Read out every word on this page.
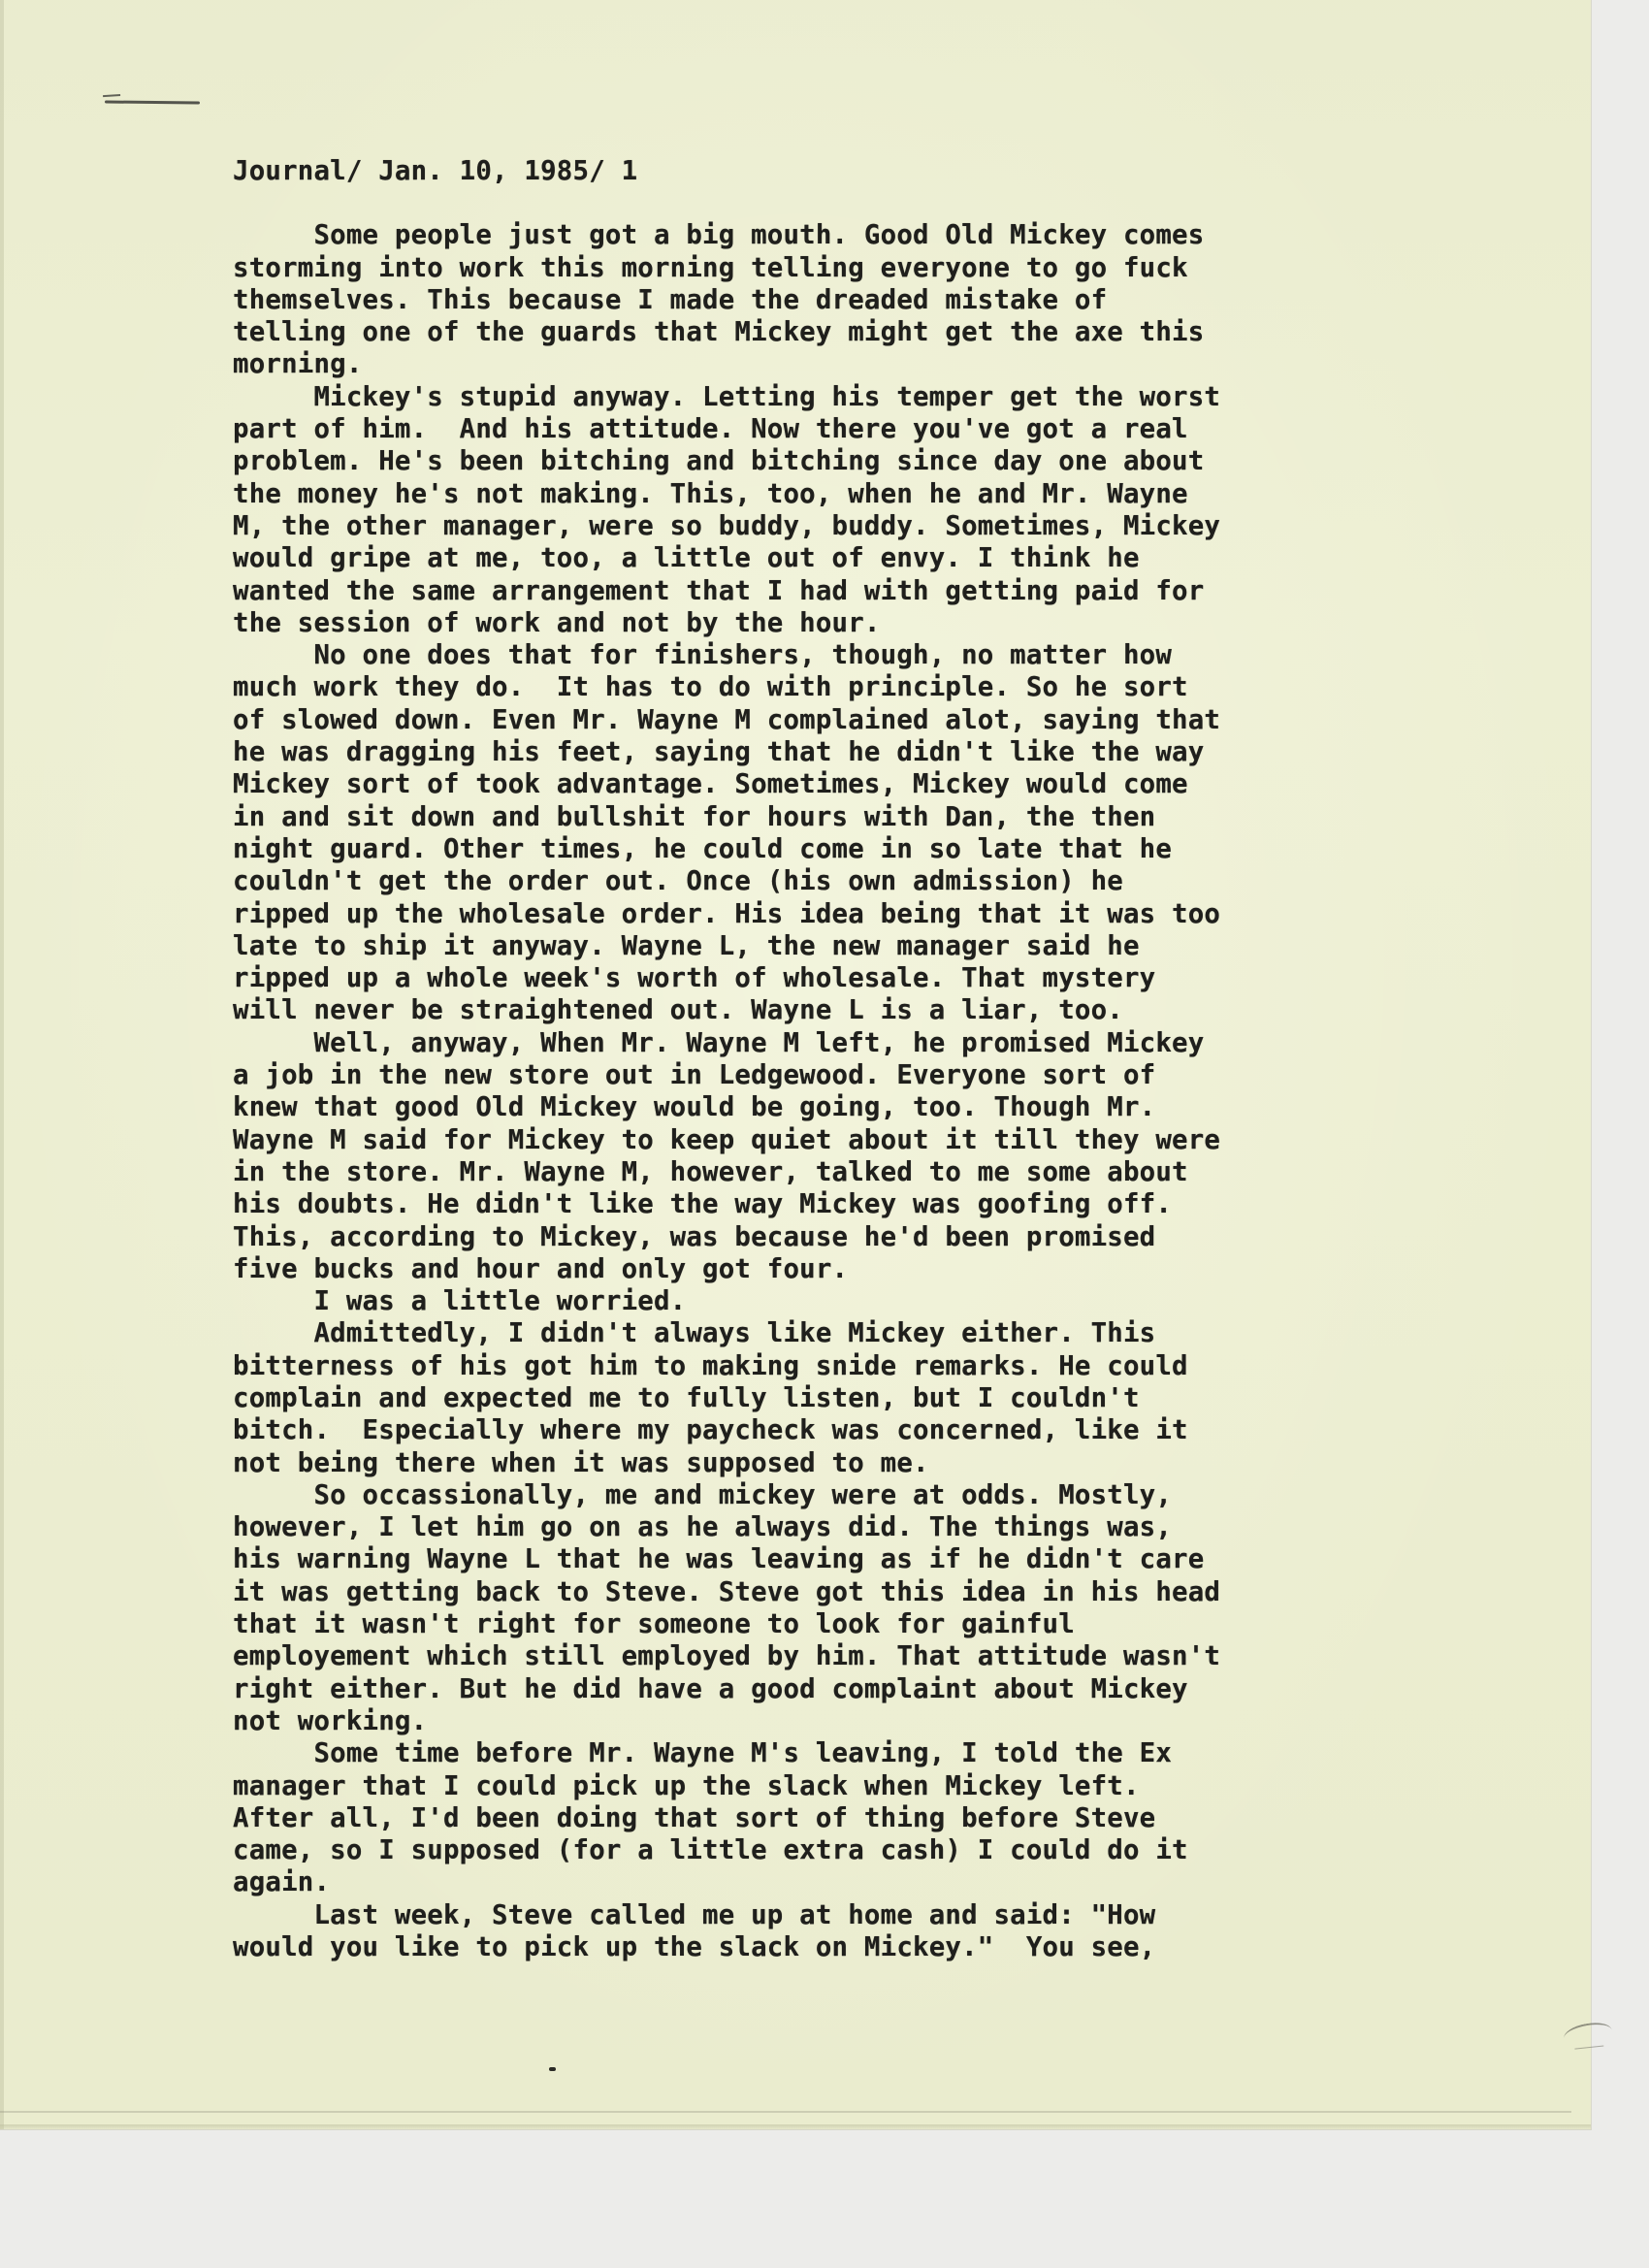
Journal/ Jan. 10, 1985/ 1
Some people just got a big mouth. Good Old Mickey comes
storming into work this morning telling everyone to go fuck
themselves. This because I made the dreaded mistake of
telling one of the guards that Mickey might get the axe this
morning.
Mickey's stupid anyway. Letting his temper get the worst
part of him.  And his attitude. Now there you've got a real
problem. He's been bitching and bitching since day one about
the money he's not making. This, too, when he and Mr. Wayne
M, the other manager, were so buddy, buddy. Sometimes, Mickey
would gripe at me, too, a little out of envy. I think he
wanted the same arrangement that I had with getting paid for
the session of work and not by the hour.
No one does that for finishers, though, no matter how
much work they do.  It has to do with principle. So he sort
of slowed down. Even Mr. Wayne M complained alot, saying that
he was dragging his feet, saying that he didn't like the way
Mickey sort of took advantage. Sometimes, Mickey would come
in and sit down and bullshit for hours with Dan, the then
night guard. Other times, he could come in so late that he
couldn't get the order out. Once (his own admission) he
ripped up the wholesale order. His idea being that it was too
late to ship it anyway. Wayne L, the new manager said he
ripped up a whole week's worth of wholesale. That mystery
will never be straightened out. Wayne L is a liar, too.
Well, anyway, When Mr. Wayne M left, he promised Mickey
a job in the new store out in Ledgewood. Everyone sort of
knew that good Old Mickey would be going, too. Though Mr.
Wayne M said for Mickey to keep quiet about it till they were
in the store. Mr. Wayne M, however, talked to me some about
his doubts. He didn't like the way Mickey was goofing off.
This, according to Mickey, was because he'd been promised
five bucks and hour and only got four.
I was a little worried.
Admittedly, I didn't always like Mickey either. This
bitterness of his got him to making snide remarks. He could
complain and expected me to fully listen, but I couldn't
bitch.  Especially where my paycheck was concerned, like it
not being there when it was supposed to me.
So occassionally, me and mickey were at odds. Mostly,
however, I let him go on as he always did. The things was,
his warning Wayne L that he was leaving as if he didn't care
it was getting back to Steve. Steve got this idea in his head
that it wasn't right for someone to look for gainful
employement which still employed by him. That attitude wasn't
right either. But he did have a good complaint about Mickey
not working.
Some time before Mr. Wayne M's leaving, I told the Ex
manager that I could pick up the slack when Mickey left.
After all, I'd been doing that sort of thing before Steve
came, so I supposed (for a little extra cash) I could do it
again.
Last week, Steve called me up at home and said: "How
would you like to pick up the slack on Mickey."  You see,
